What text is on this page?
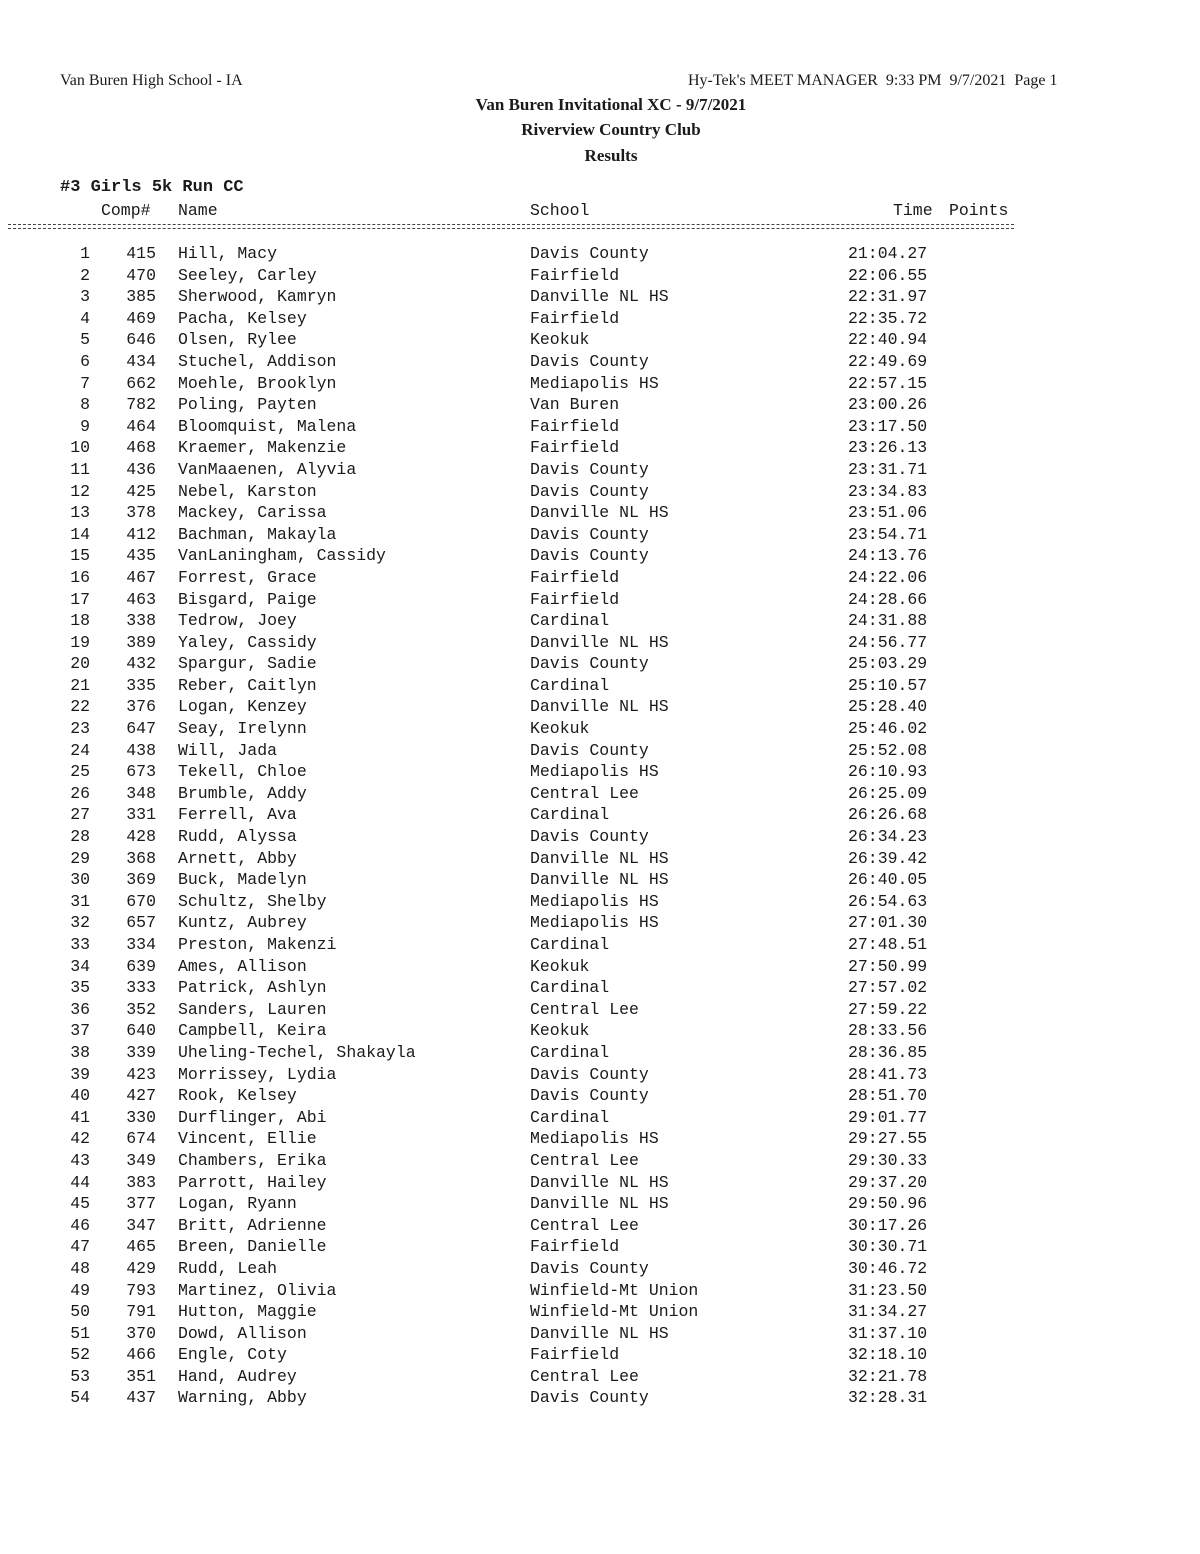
Van Buren High School - IA	Hy-Tek's MEET MANAGER  9:33 PM  9/7/2021  Page 1
Van Buren Invitational XC - 9/7/2021
Riverview Country Club
Results
#3 Girls 5k Run CC
Comp# Name	School	Time Points
1	415 Hill, Macy	Davis County	21:04.27
2	470 Seeley, Carley	Fairfield	22:06.55
3	385 Sherwood, Kamryn	Danville NL HS	22:31.97
4	469 Pacha, Kelsey	Fairfield	22:35.72
5	646 Olsen, Rylee	Keokuk	22:40.94
6	434 Stuchel, Addison	Davis County	22:49.69
7	662 Moehle, Brooklyn	Mediapolis HS	22:57.15
8	782 Poling, Payten	Van Buren	23:00.26
9	464 Bloomquist, Malena	Fairfield	23:17.50
10	468 Kraemer, Makenzie	Fairfield	23:26.13
11	436 VanMaaenen, Alyvia	Davis County	23:31.71
12	425 Nebel, Karston	Davis County	23:34.83
13	378 Mackey, Carissa	Danville NL HS	23:51.06
14	412 Bachman, Makayla	Davis County	23:54.71
15	435 VanLaningham, Cassidy	Davis County	24:13.76
16	467 Forrest, Grace	Fairfield	24:22.06
17	463 Bisgard, Paige	Fairfield	24:28.66
18	338 Tedrow, Joey	Cardinal	24:31.88
19	389 Yaley, Cassidy	Danville NL HS	24:56.77
20	432 Spargur, Sadie	Davis County	25:03.29
21	335 Reber, Caitlyn	Cardinal	25:10.57
22	376 Logan, Kenzey	Danville NL HS	25:28.40
23	647 Seay, Irelynn	Keokuk	25:46.02
24	438 Will, Jada	Davis County	25:52.08
25	673 Tekell, Chloe	Mediapolis HS	26:10.93
26	348 Brumble, Addy	Central Lee	26:25.09
27	331 Ferrell, Ava	Cardinal	26:26.68
28	428 Rudd, Alyssa	Davis County	26:34.23
29	368 Arnett, Abby	Danville NL HS	26:39.42
30	369 Buck, Madelyn	Danville NL HS	26:40.05
31	670 Schultz, Shelby	Mediapolis HS	26:54.63
32	657 Kuntz, Aubrey	Mediapolis HS	27:01.30
33	334 Preston, Makenzi	Cardinal	27:48.51
34	639 Ames, Allison	Keokuk	27:50.99
35	333 Patrick, Ashlyn	Cardinal	27:57.02
36	352 Sanders, Lauren	Central Lee	27:59.22
37	640 Campbell, Keira	Keokuk	28:33.56
38	339 Uheling-Techel, Shakayla	Cardinal	28:36.85
39	423 Morrissey, Lydia	Davis County	28:41.73
40	427 Rook, Kelsey	Davis County	28:51.70
41	330 Durflinger, Abi	Cardinal	29:01.77
42	674 Vincent, Ellie	Mediapolis HS	29:27.55
43	349 Chambers, Erika	Central Lee	29:30.33
44	383 Parrott, Hailey	Danville NL HS	29:37.20
45	377 Logan, Ryann	Danville NL HS	29:50.96
46	347 Britt, Adrienne	Central Lee	30:17.26
47	465 Breen, Danielle	Fairfield	30:30.71
48	429 Rudd, Leah	Davis County	30:46.72
49	793 Martinez, Olivia	Winfield-Mt Union	31:23.50
50	791 Hutton, Maggie	Winfield-Mt Union	31:34.27
51	370 Dowd, Allison	Danville NL HS	31:37.10
52	466 Engle, Coty	Fairfield	32:18.10
53	351 Hand, Audrey	Central Lee	32:21.78
54	437 Warning, Abby	Davis County	32:28.31
